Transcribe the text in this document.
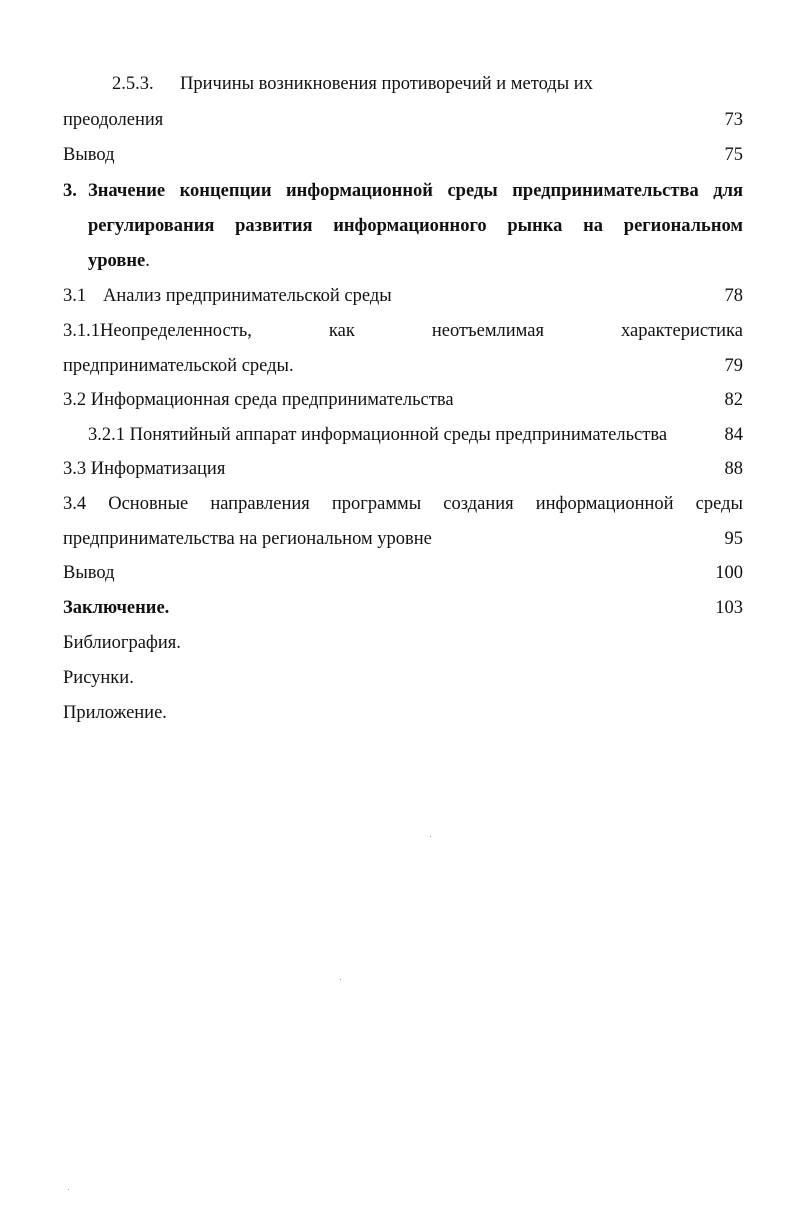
2.5.3. Причины возникновения противоречий и методы их
преодоления	73
Вывод	75
3. Значение концепции информационной среды предпринимательства для
регулирования развития информационного рынка на региональном
уровне.
3.1 Анализ предпринимательской среды	78
3.1.1Неопределенность,	как	неотъемлимая	характеристика
предпринимательской среды.	79
3.2 Информационная среда предпринимательства	82
3.2.1 Понятийный аппарат информационной среды предпринимательства	84
3.3 Информатизация	88
3.4 Основные направления программы создания информационной среды
предпринимательства на региональном уровне	95
Вывод	100
Заключение.	103
Библиография.
Рисунки.
Приложение.
